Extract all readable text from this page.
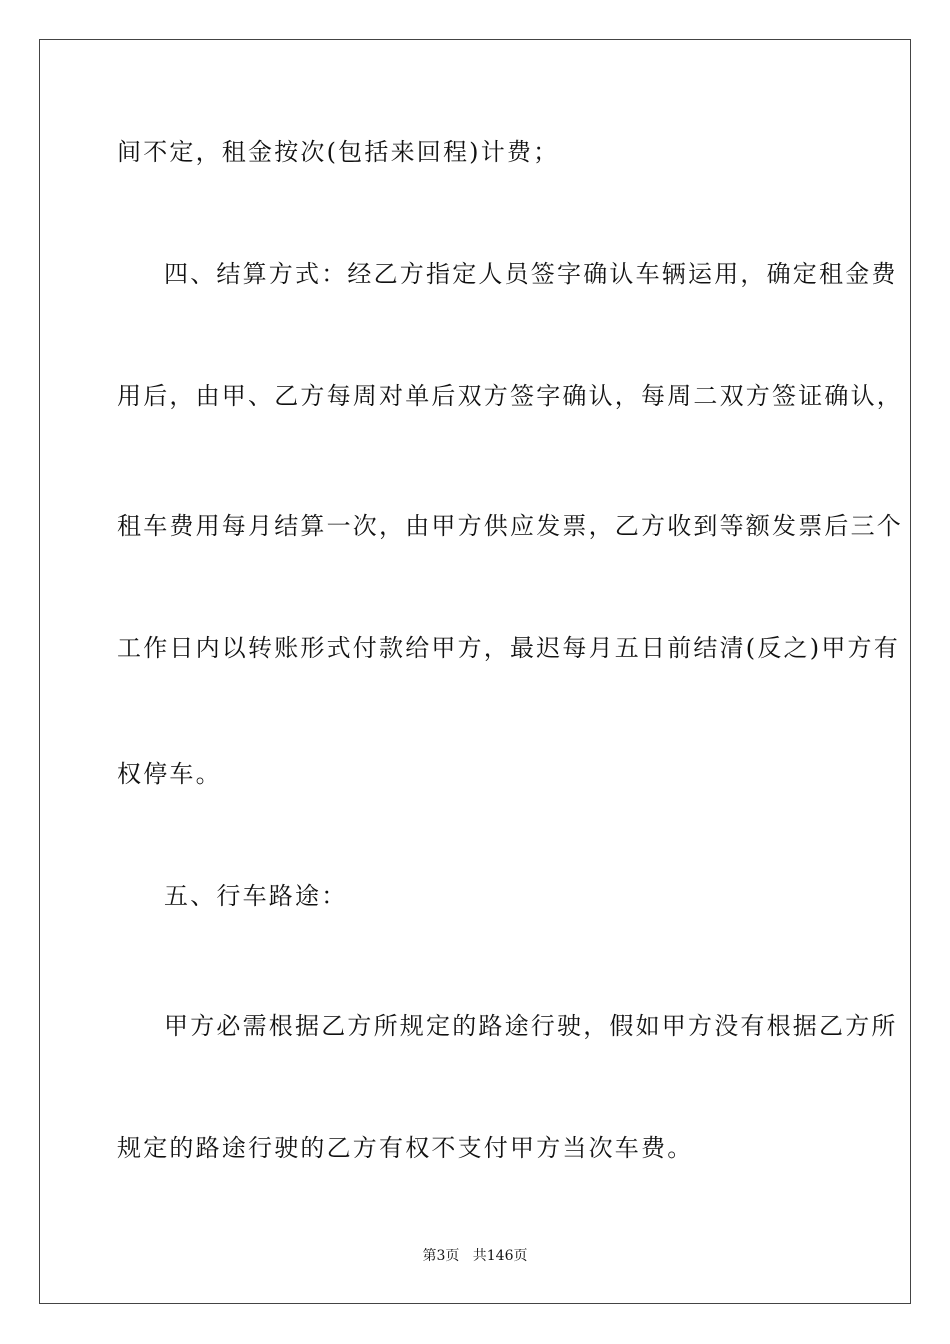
间不定，租金按次(包括来回程)计费；
四、结算方式：经乙方指定人员签字确认车辆运用，确定租金费
用后，由甲、乙方每周对单后双方签字确认，每周二双方签证确认，
租车费用每月结算一次，由甲方供应发票，乙方收到等额发票后三个
工作日内以转账形式付款给甲方，最迟每月五日前结清(反之)甲方有
权停车。
五、行车路途：
甲方必需根据乙方所规定的路途行驶，假如甲方没有根据乙方所
规定的路途行驶的乙方有权不支付甲方当次车费。
第3页 共146页
